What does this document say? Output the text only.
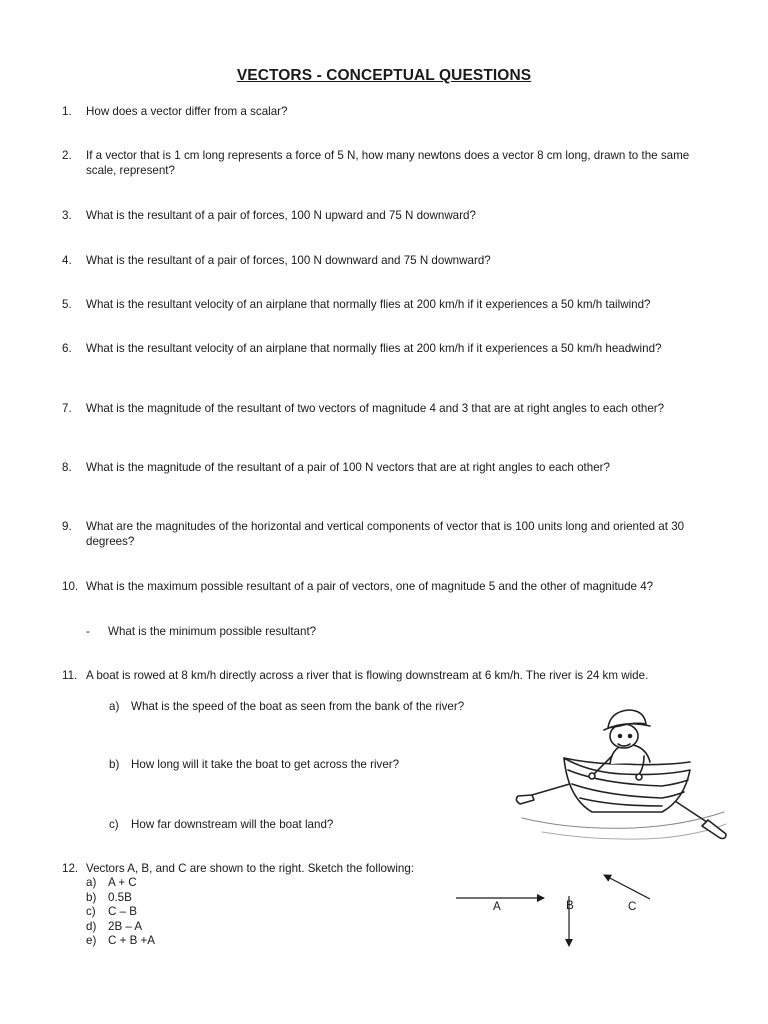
VECTORS - CONCEPTUAL QUESTIONS
1. How does a vector differ from a scalar?
2. If a vector that is 1 cm long represents a force of 5 N, how many newtons does a vector 8 cm long, drawn to the same scale, represent?
3. What is the resultant of a pair of forces, 100 N upward and 75 N downward?
4. What is the resultant of a pair of forces, 100 N downward and 75 N downward?
5. What is the resultant velocity of an airplane that normally flies at 200 km/h if it experiences a 50 km/h tailwind?
6. What is the resultant velocity of an airplane that normally flies at 200 km/h if it experiences a 50 km/h headwind?
7. What is the magnitude of the resultant of two vectors of magnitude 4 and 3 that are at right angles to each other?
8. What is the magnitude of the resultant of a pair of 100 N vectors that are at right angles to each other?
9. What are the magnitudes of the horizontal and vertical components of vector that is 100 units long and oriented at 30 degrees?
10. What is the maximum possible resultant of a pair of vectors, one of magnitude 5 and the other of magnitude 4?
- What is the minimum possible resultant?
11. A boat is rowed at 8 km/h directly across a river that is flowing downstream at 6 km/h. The river is 24 km wide.
a) What is the speed of the boat as seen from the bank of the river?
b) How long will it take the boat to get across the river?
c) How far downstream will the boat land?
12. Vectors A, B, and C are shown to the right. Sketch the following:
a) A + C
b) 0.5B
c) C – B
d) 2B – A
e) C + B +A
A	B	C
